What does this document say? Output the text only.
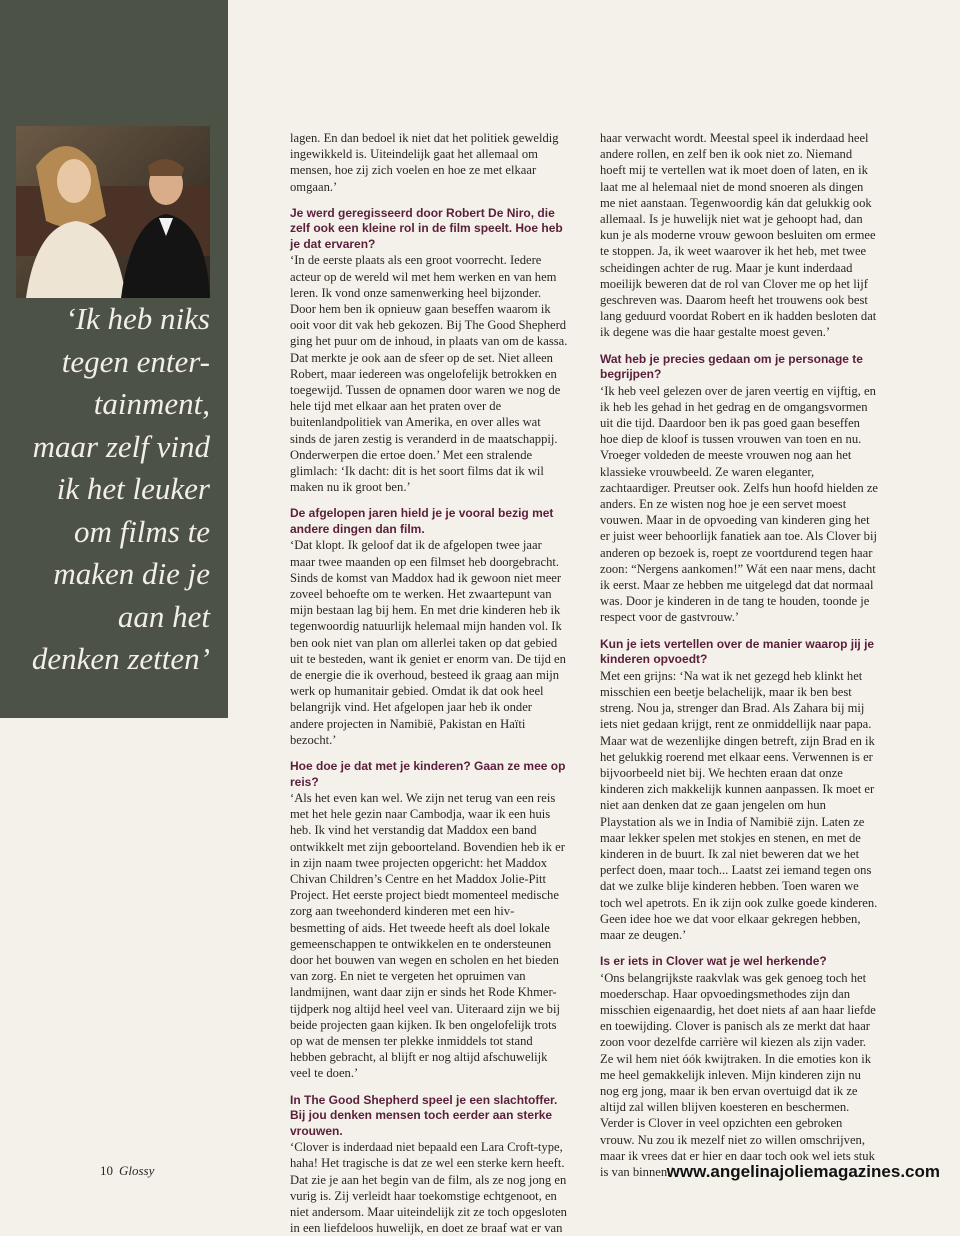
‘Ik heb niks
tegen enter-
tainment,
maar zelf vind
ik het leuker
om films te
maken die je
aan het
denken zetten’

lagen. En dan bedoel ik niet dat het politiek geweldig ingewikkeld is. Uiteindelijk gaat het allemaal om mensen, hoe zij zich voelen en hoe ze met elkaar omgaan.’

Je werd geregisseerd door Robert De Niro, die zelf ook een kleine rol in de film speelt. Hoe heb je dat ervaren?

‘In de eerste plaats als een groot voorrecht. Iedere acteur op de wereld wil met hem werken en van hem leren. Ik vond onze samenwerking heel bijzonder. Door hem ben ik opnieuw gaan beseffen waarom ik ooit voor dit vak heb gekozen. Bij The Good Shepherd ging het puur om de inhoud, in plaats van om de kassa. Dat merkte je ook aan de sfeer op de set. Niet alleen Robert, maar iedereen was ongelofelijk betrokken en toegewijd. Tussen de opnamen door waren we nog de hele tijd met elkaar aan het praten over de buitenlandpolitiek van Amerika, en over alles wat sinds de jaren zestig is veranderd in de maatschappij. Onderwerpen die ertoe doen.’ Met een stralende glimlach: ‘Ik dacht: dit is het soort films dat ik wil maken nu ik groot ben.’

De afgelopen jaren hield je je vooral bezig met andere dingen dan film.

‘Dat klopt. Ik geloof dat ik de afgelopen twee jaar maar twee maanden op een filmset heb doorgebracht. Sinds de komst van Maddox had ik gewoon niet meer zoveel behoefte om te werken. Het zwaartepunt van mijn bestaan lag bij hem. En met drie kinderen heb ik tegenwoordig natuurlijk helemaal mijn handen vol. Ik ben ook niet van plan om allerlei taken op dat gebied uit te besteden, want ik geniet er enorm van. De tijd en de energie die ik overhoud, besteed ik graag aan mijn werk op humanitair gebied. Omdat ik dat ook heel belangrijk vind. Het afgelopen jaar heb ik onder andere projecten in Namibië, Pakistan en Haïti bezocht.’

Hoe doe je dat met je kinderen? Gaan ze mee op reis?

‘Als het even kan wel. We zijn net terug van een reis met het hele gezin naar Cambodja, waar ik een huis heb. Ik vind het verstandig dat Maddox een band ontwikkelt met zijn geboorteland. Bovendien heb ik er in zijn naam twee projecten opgericht: het Maddox Chivan Children’s Centre en het Maddox Jolie-Pitt Project. Het eerste project biedt momenteel medische zorg aan tweehonderd kinderen met een hiv-besmetting of aids. Het tweede heeft als doel lokale gemeenschappen te ontwikkelen en te ondersteunen door het bouwen van wegen en scholen en het bieden van zorg. En niet te vergeten het opruimen van landmijnen, want daar zijn er sinds het Rode Khmer-tijdperk nog altijd heel veel van. Uiteraard zijn we bij beide projecten gaan kijken. Ik ben ongelofelijk trots op wat de mensen ter plekke inmiddels tot stand hebben gebracht, al blijft er nog altijd afschuwelijk veel te doen.’

In The Good Shepherd speel je een slachtoffer. Bij jou denken mensen toch eerder aan sterke vrouwen.

‘Clover is inderdaad niet bepaald een Lara Croft-type, haha! Het tragische is dat ze wel een sterke kern heeft. Dat zie je aan het begin van de film, als ze nog jong en vurig is. Zij verleidt haar toekomstige echtgenoot, en niet andersom. Maar uiteindelijk zit ze toch opgesloten in een liefdeloos huwelijk, en doet ze braaf wat er van

haar verwacht wordt. Meestal speel ik inderdaad heel andere rollen, en zelf ben ik ook niet zo. Niemand hoeft mij te vertellen wat ik moet doen of laten, en ik laat me al helemaal niet de mond snoeren als dingen me niet aanstaan. Tegenwoordig kán dat gelukkig ook allemaal. Is je huwelijk niet wat je gehoopt had, dan kun je als moderne vrouw gewoon besluiten om ermee te stoppen. Ja, ik weet waarover ik het heb, met twee scheidingen achter de rug. Maar je kunt inderdaad moeilijk beweren dat de rol van Clover me op het lijf geschreven was. Daarom heeft het trouwens ook best lang geduurd voordat Robert en ik hadden besloten dat ik degene was die haar gestalte moest geven.’

Wat heb je precies gedaan om je personage te begrijpen?

‘Ik heb veel gelezen over de jaren veertig en vijftig, en ik heb les gehad in het gedrag en de omgangsvormen uit die tijd. Daardoor ben ik pas goed gaan beseffen hoe diep de kloof is tussen vrouwen van toen en nu. Vroeger voldeden de meeste vrouwen nog aan het klassieke vrouwbeeld. Ze waren eleganter, zachtaardiger. Preutser ook. Zelfs hun hoofd hielden ze anders. En ze wisten nog hoe je een servet moest vouwen. Maar in de opvoeding van kinderen ging het er juist weer behoorlijk fanatiek aan toe. Als Clover bij anderen op bezoek is, roept ze voortdurend tegen haar zoon: “Nergens aankomen!” Wát een naar mens, dacht ik eerst. Maar ze hebben me uitgelegd dat dat normaal was. Door je kinderen in de tang te houden, toonde je respect voor de gastvrouw.’

Kun je iets vertellen over de manier waarop jij je kinderen opvoedt?

Met een grijns: ‘Na wat ik net gezegd heb klinkt het misschien een beetje belachelijk, maar ik ben best streng. Nou ja, strenger dan Brad. Als Zahara bij mij iets niet gedaan krijgt, rent ze onmiddellijk naar papa. Maar wat de wezenlijke dingen betreft, zijn Brad en ik het gelukkig roerend met elkaar eens. Verwennen is er bijvoorbeeld niet bij. We hechten eraan dat onze kinderen zich makkelijk kunnen aanpassen. Ik moet er niet aan denken dat ze gaan jengelen om hun Playstation als we in India of Namibië zijn. Laten ze maar lekker spelen met stokjes en stenen, en met de kinderen in de buurt. Ik zal niet beweren dat we het perfect doen, maar toch... Laatst zei iemand tegen ons dat we zulke blije kinderen hebben. Toen waren we toch wel apetrots. En ik zijn ook zulke goede kinderen. Geen idee hoe we dat voor elkaar gekregen hebben, maar ze deugen.’

Is er iets in Clover wat je wel herkende?

‘Ons belangrijkste raakvlak was gek genoeg toch het moederschap. Haar opvoedingsmethodes zijn dan misschien eigenaardig, het doet niets af aan haar liefde en toewijding. Clover is panisch als ze merkt dat haar zoon voor dezelfde carrière wil kiezen als zijn vader. Ze wil hem niet óók kwijtraken. In die emoties kon ik me heel gemakkelijk inleven. Mijn kinderen zijn nu nog erg jong, maar ik ben ervan overtuigd dat ik ze altijd zal willen blijven koesteren en beschermen. Verder is Clover in veel opzichten een gebroken vrouw. Nu zou ik mezelf niet zo willen omschrijven, maar ik vrees dat er hier en daar toch ook wel iets stuk is van binnen.’

10 Glossy	www.angelinajoliemagazines.com
